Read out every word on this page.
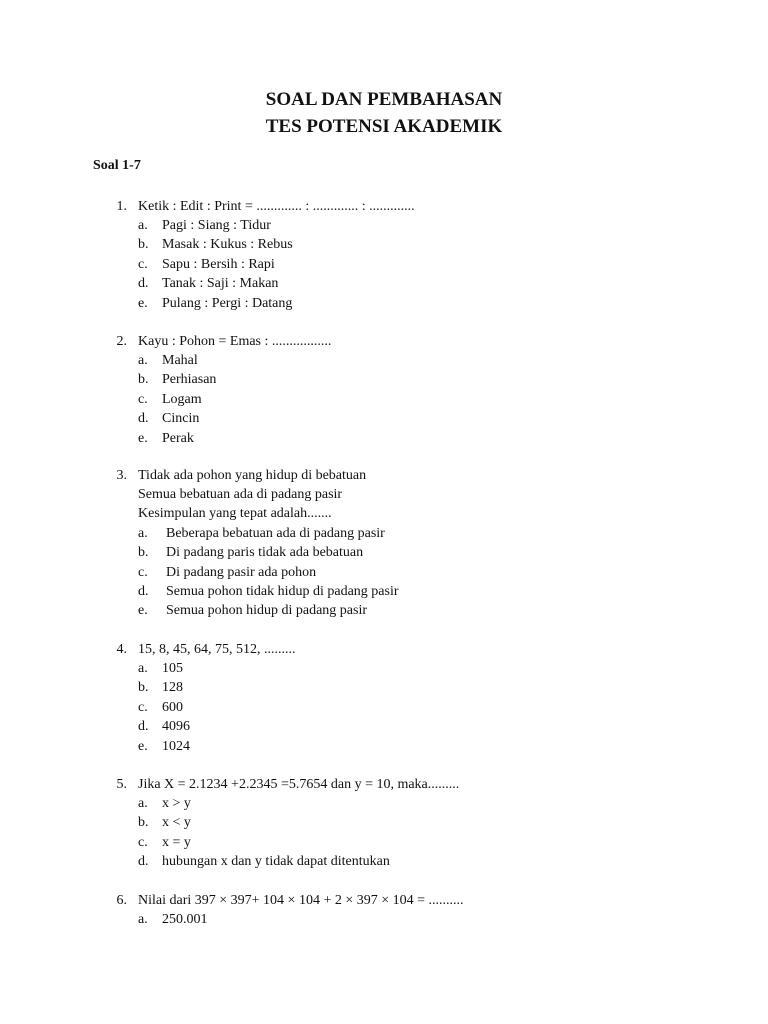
SOAL DAN PEMBAHASAN
TES POTENSI AKADEMIK
Soal 1-7
1. Ketik : Edit : Print = ............. : ............. : .............
a.	Pagi : Siang : Tidur
b. Masak : Kukus : Rebus
c.	Sapu : Bersih : Rapi
d. Tanak : Saji : Makan
e.	Pulang : Pergi : Datang
2. Kayu : Pohon = Emas : .................
a.	Mahal
b. Perhiasan
c.	Logam
d. Cincin
e.	Perak
3. Tidak ada pohon yang hidup di bebatuan
Semua bebatuan ada di padang pasir
Kesimpulan yang tepat adalah.......
a.	Beberapa bebatuan ada di padang pasir
b.	Di padang paris tidak ada bebatuan
c.	Di padang pasir ada pohon
d.	Semua pohon tidak hidup di padang pasir
e.	Semua pohon hidup di padang pasir
4. 15, 8, 45, 64, 75, 512, .........
a.	105
b. 128
c.	600
d. 4096
e.	1024
5. Jika X = 2.1234 +2.2345 =5.7654 dan y = 10, maka.........
a.	x > y
b. x < y
c.	x = y
d. hubungan x dan y tidak dapat ditentukan
6. Nilai dari 397 × 397+ 104 × 104 + 2 × 397 × 104 = ..........
a.	250.001
